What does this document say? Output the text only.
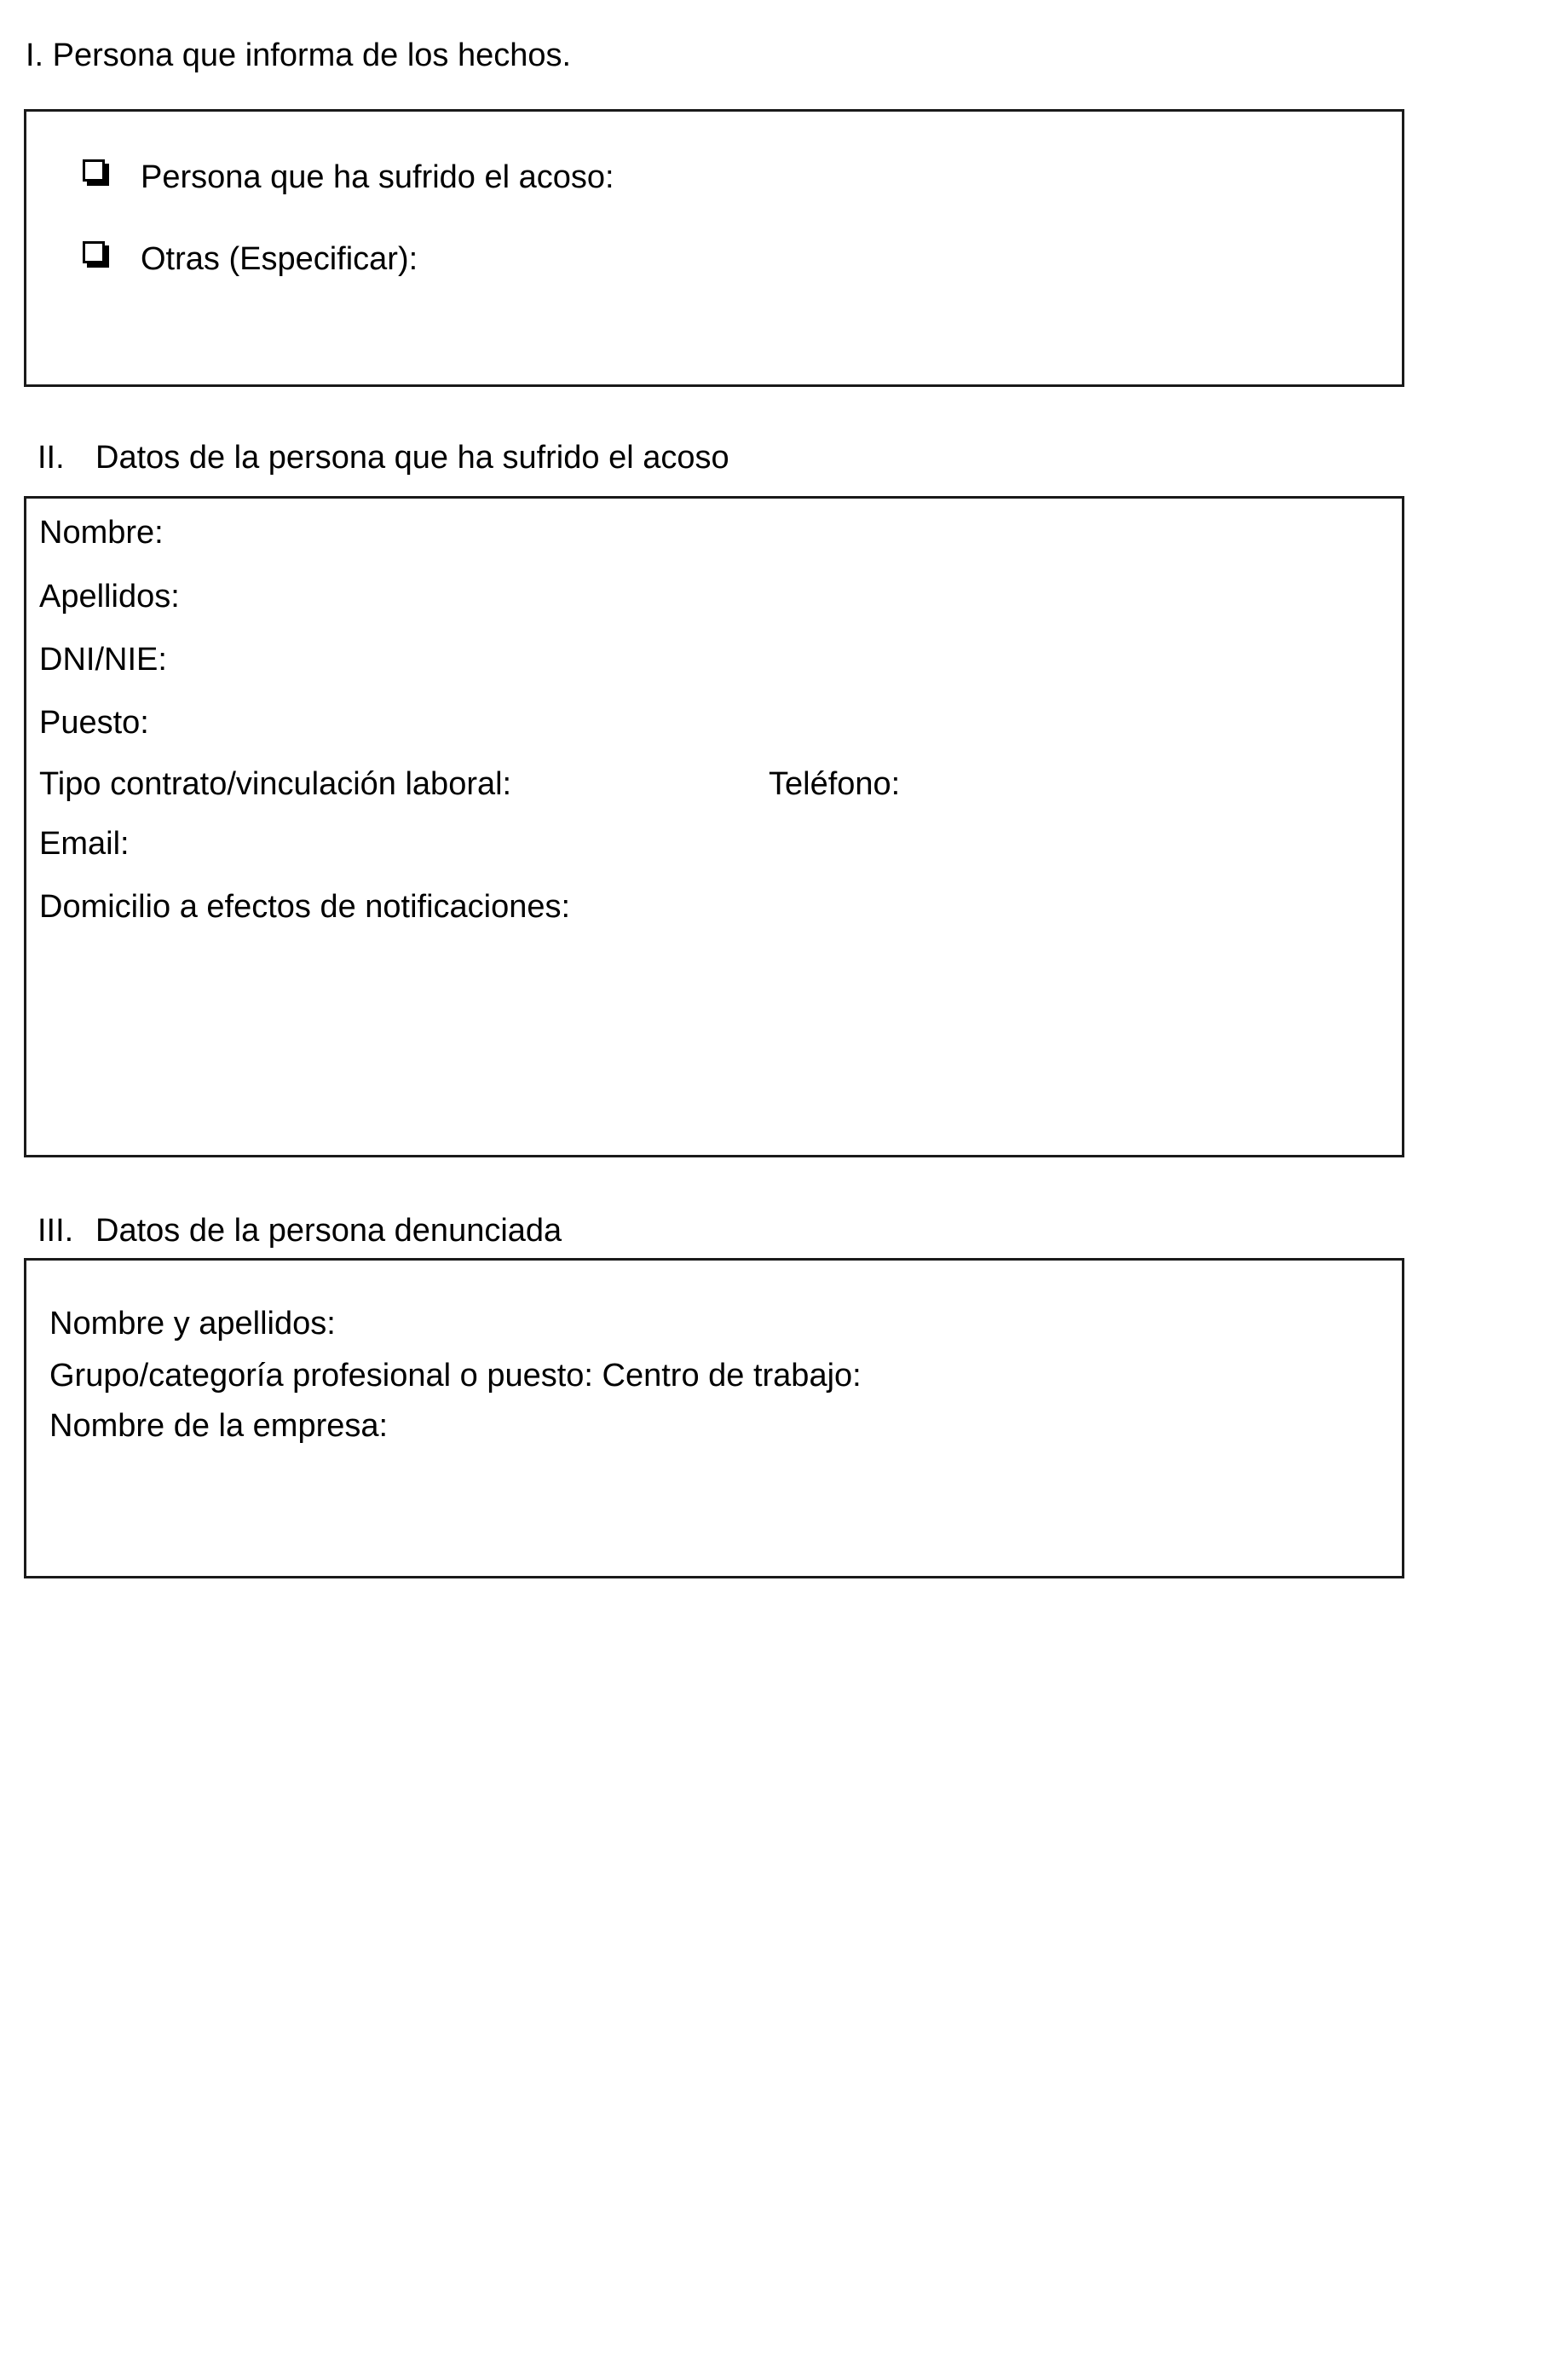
I. Persona que informa de los hechos.
Persona que ha sufrido el acoso:
Otras (Especificar):
II. Datos de la persona que ha sufrido el acoso
Nombre:
Apellidos:
DNI/NIE:
Puesto:
Tipo contrato/vinculación laboral:	Teléfono:
Email:
Domicilio a efectos de notificaciones:
III. Datos de la persona denunciada
Nombre y apellidos:
Grupo/categoría profesional o puesto: Centro de trabajo:
Nombre de la empresa:
